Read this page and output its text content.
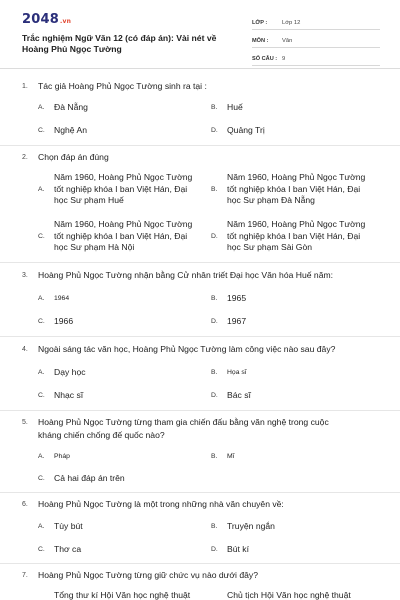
2048.vn
Trắc nghiệm Ngữ Văn 12 (có đáp án): Vài nét về Hoàng Phủ Ngọc Tường
LỚP :	Lớp 12
MÔN :	Văn
SỐ CÂU : 9
1. Tác giả Hoàng Phủ Ngọc Tường sinh ra tại :
A.	Đà Nẵng	B.	Huế
C.	Nghệ An	D.	Quảng Trị
2. Chọn đáp án đúng
A.
Năm 1960, Hoàng Phủ Ngọc Tường tốt nghiệp khóa I ban Việt Hán, Đại học Sư phạm Huế
B.
Năm 1960, Hoàng Phủ Ngọc Tường tốt nghiệp khóa I ban Việt Hán, Đại học Sư phạm Đà Nẵng
C.
Năm 1960, Hoàng Phủ Ngọc Tường tốt nghiệp khóa I ban Việt Hán, Đại học Sư phạm Hà Nội
D.
Năm 1960, Hoàng Phủ Ngọc Tường tốt nghiệp khóa I ban Việt Hán, Đại học Sư phạm Sài Gòn
3. Hoàng Phủ Ngọc Tường nhận bằng Cử nhân triết Đại học Văn hóa Huế năm:
A.	1964	B.	1965
C.	1966	D.	1967
4. Ngoài sáng tác văn học, Hoàng Phủ Ngọc Tường làm công việc nào sau đây?
A.	Dạy học	B.	Họa sĩ
C.	Nhạc sĩ	D.	Bác sĩ
5. Hoàng Phủ Ngọc Tường từng tham gia chiến đấu bằng văn nghệ trong cuộc kháng chiến chống đế quốc nào?
A.	Pháp	B.	Mĩ
C.	Cả hai đáp án trên
6. Hoàng Phủ Ngọc Tường là một trong những nhà văn chuyên về:
A.	Tùy bút	B.	Truyện ngắn
C.	Thơ ca	D.	Bút kí
7. Hoàng Phủ Ngọc Tường từng giữ chức vụ nào dưới đây?
Tổng thư kí Hội Văn học nghệ thuật	Chủ tịch Hội Văn học nghệ thuật
